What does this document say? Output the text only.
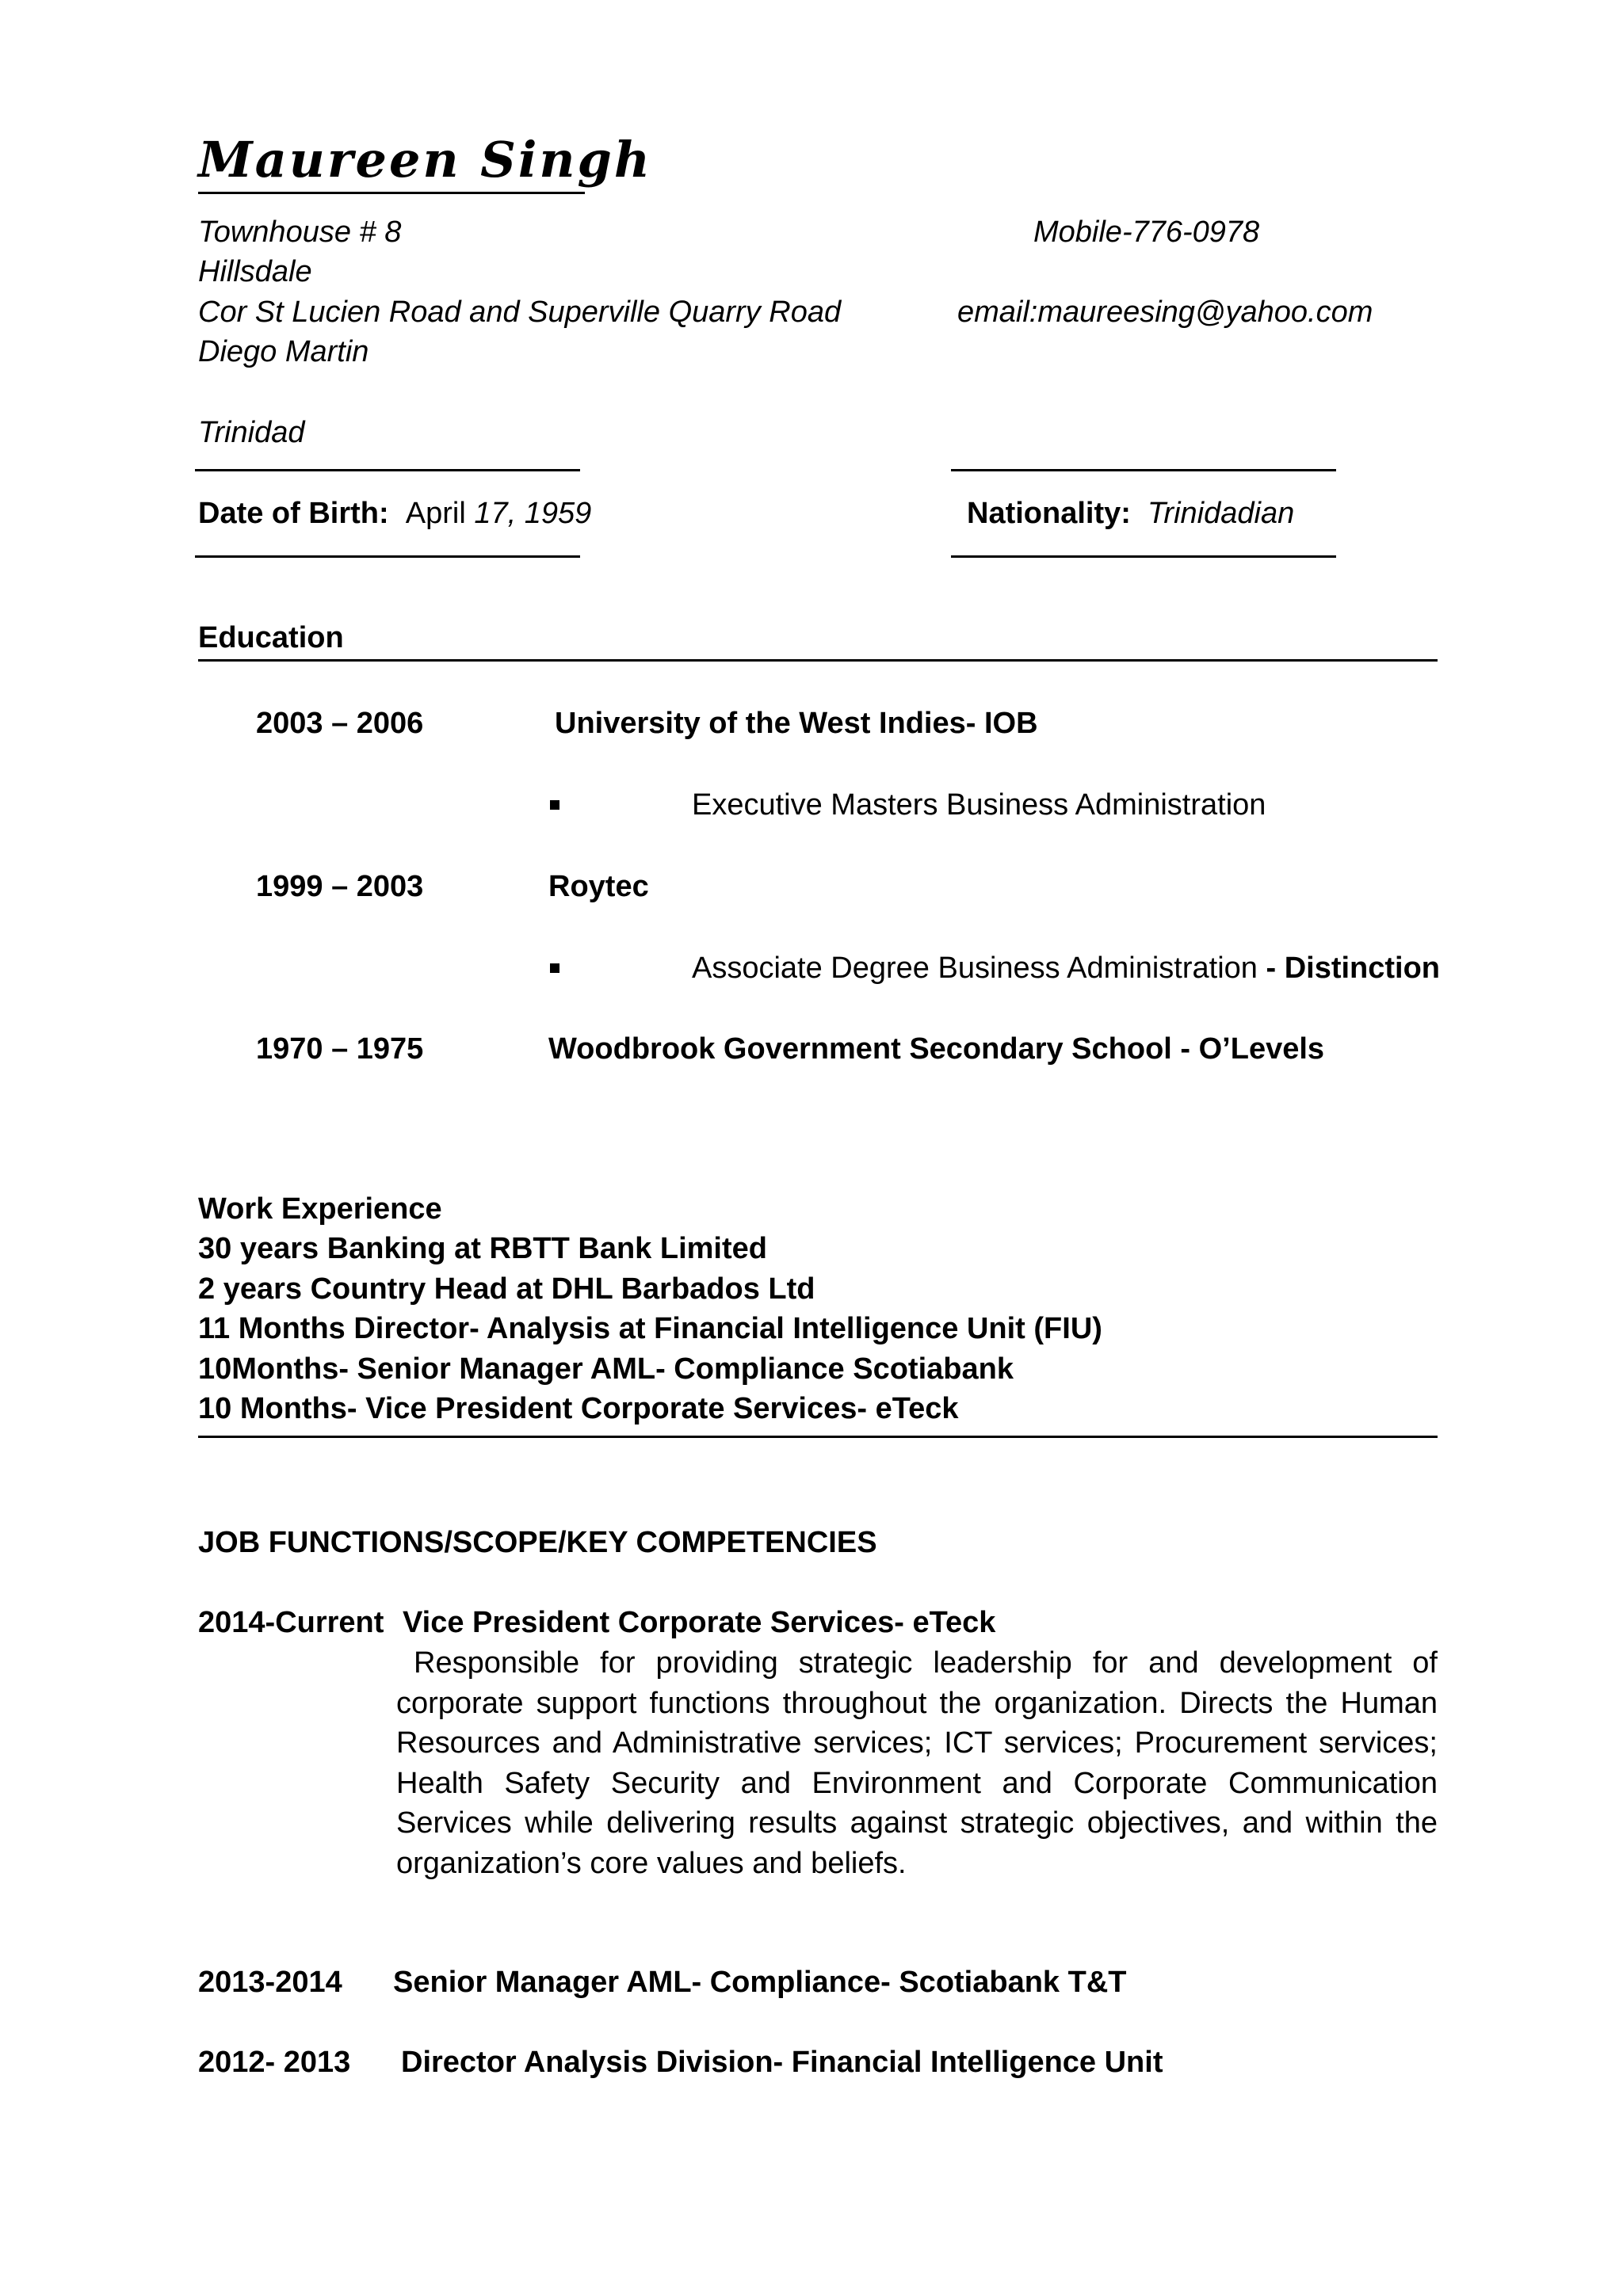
Maureen Singh
Townhouse # 8
Hillsdale
Cor St Lucien Road and Superville Quarry Road
Diego Martin
Trinidad
Mobile-776-0978
email:maureesing@yahoo.com
Date of Birth: April 17, 1959	Nationality: Trinidadian
Education
2003 – 2006	University of the West Indies- IOB
Executive Masters Business Administration
1999 – 2003	Roytec
Associate Degree Business Administration - Distinction
1970 – 1975	Woodbrook Government Secondary School - O’Levels
Work Experience
30 years Banking at RBTT Bank Limited
2 years Country Head at DHL Barbados Ltd
11 Months Director- Analysis at Financial Intelligence Unit (FIU)
10Months- Senior Manager AML- Compliance Scotiabank
10 Months- Vice President Corporate Services- eTeck
JOB FUNCTIONS/SCOPE/KEY COMPETENCIES
2014-Current Vice President Corporate Services- eTeck
Responsible for providing strategic leadership for and development of corporate support functions throughout the organization. Directs the Human Resources and Administrative services; ICT services; Procurement services; Health Safety Security and Environment and Corporate Communication Services while delivering results against strategic objectives, and within the organization’s core values and beliefs.
2013-2014 Senior Manager AML- Compliance- Scotiabank T&T
2012- 2013 Director Analysis Division- Financial Intelligence Unit
